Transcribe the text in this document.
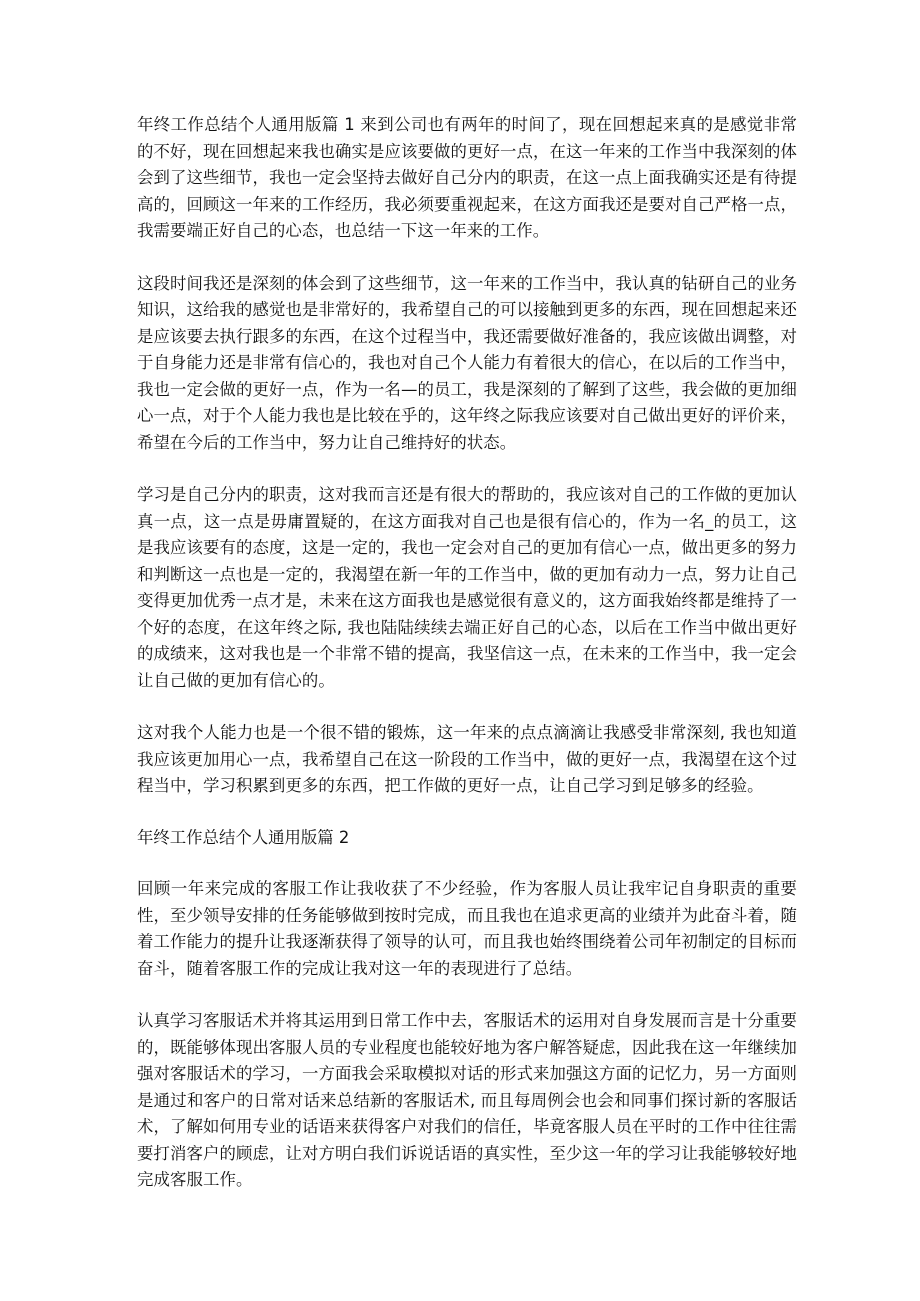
年终工作总结个人通用版篇 1 来到公司也有两年的时间了，现在回想起来真的是感觉非常的不好，现在回想起来我也确实是应该要做的更好一点，在这一年来的工作当中我深刻的体会到了这些细节，我也一定会坚持去做好自己分内的职责，在这一点上面我确实还是有待提高的，回顾这一年来的工作经历，我必须要重视起来，在这方面我还是要对自己严格一点，我需要端正好自己的心态，也总结一下这一年来的工作。

这段时间我还是深刻的体会到了这些细节，这一年来的工作当中，我认真的钻研自己的业务知识，这给我的感觉也是非常好的，我希望自己的可以接触到更多的东西，现在回想起来还是应该要去执行跟多的东西，在这个过程当中，我还需要做好准备的，我应该做出调整，对于自身能力还是非常有信心的，我也对自己个人能力有着很大的信心，在以后的工作当中，我也一定会做的更好一点，作为一名—的员工，我是深刻的了解到了这些，我会做的更加细心一点，对于个人能力我也是比较在乎的，这年终之际我应该要对自己做出更好的评价来，希望在今后的工作当中，努力让自己维持好的状态。

学习是自己分内的职责，这对我而言还是有很大的帮助的，我应该对自己的工作做的更加认真一点，这一点是毋庸置疑的，在这方面我对自己也是很有信心的，作为一名_的员工，这是我应该要有的态度，这是一定的，我也一定会对自己的更加有信心一点，做出更多的努力和判断这一点也是一定的，我渴望在新一年的工作当中，做的更加有动力一点，努力让自己变得更加优秀一点才是，未来在这方面我也是感觉很有意义的，这方面我始终都是维持了一个好的态度，在这年终之际, 我也陆陆续续去端正好自己的心态，以后在工作当中做出更好的成绩来，这对我也是一个非常不错的提高，我坚信这一点，在未来的工作当中，我一定会让自己做的更加有信心的。

这对我个人能力也是一个很不错的锻炼，这一年来的点点滴滴让我感受非常深刻, 我也知道我应该更加用心一点，我希望自己在这一阶段的工作当中，做的更好一点，我渴望在这个过程当中，学习积累到更多的东西，把工作做的更好一点，让自己学习到足够多的经验。

年终工作总结个人通用版篇 2

回顾一年来完成的客服工作让我收获了不少经验，作为客服人员让我牢记自身职责的重要性，至少领导安排的任务能够做到按时完成，而且我也在追求更高的业绩并为此奋斗着，随着工作能力的提升让我逐渐获得了领导的认可，而且我也始终围绕着公司年初制定的目标而奋斗，随着客服工作的完成让我对这一年的表现进行了总结。

认真学习客服话术并将其运用到日常工作中去，客服话术的运用对自身发展而言是十分重要的，既能够体现出客服人员的专业程度也能较好地为客户解答疑虑，因此我在这一年继续加强对客服话术的学习，一方面我会采取模拟对话的形式来加强这方面的记忆力，另一方面则是通过和客户的日常对话来总结新的客服话术, 而且每周例会也会和同事们探讨新的客服话术，了解如何用专业的话语来获得客户对我们的信任，毕竟客服人员在平时的工作中往往需要打消客户的顾虑，让对方明白我们诉说话语的真实性，至少这一年的学习让我能够较好地完成客服工作。
